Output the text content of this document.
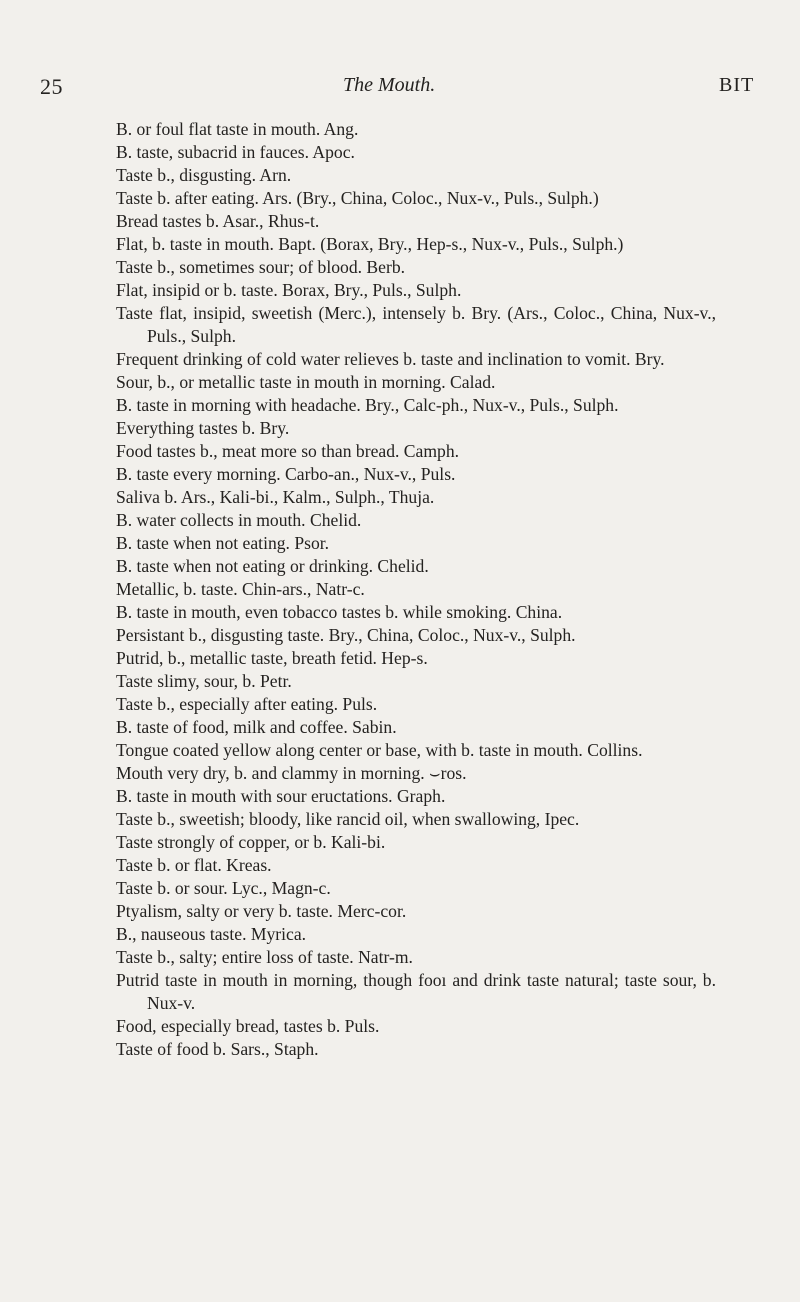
25	The Mouth.	BIT
B. or foul flat taste in mouth. Ang.
B. taste, subacrid in fauces. Apoc.
Taste b., disgusting. Arn.
Taste b. after eating. Ars. (Bry., China, Coloc., Nux-v., Puls., Sulph.)
Bread tastes b. Asar., Rhus-t.
Flat, b. taste in mouth. Bapt. (Borax, Bry., Hep-s., Nux-v., Puls., Sulph.)
Taste b., sometimes sour; of blood. Berb.
Flat, insipid or b. taste. Borax, Bry., Puls., Sulph.
Taste flat, insipid, sweetish (Merc.), intensely b. Bry. (Ars., Coloc., China, Nux-v., Puls., Sulph.
Frequent drinking of cold water relieves b. taste and inclination to vomit. Bry.
Sour, b., or metallic taste in mouth in morning. Calad.
B. taste in morning with headache. Bry., Calc-ph., Nux-v., Puls., Sulph.
Everything tastes b. Bry.
Food tastes b., meat more so than bread. Camph.
B. taste every morning. Carbo-an., Nux-v., Puls.
Saliva b. Ars., Kali-bi., Kalm., Sulph., Thuja.
B. water collects in mouth. Chelid.
B. taste when not eating. Psor.
B. taste when not eating or drinking. Chelid.
Metallic, b. taste. Chin-ars., Natr-c.
B. taste in mouth, even tobacco tastes b. while smoking. China.
Persistant b., disgusting taste. Bry., China, Coloc., Nux-v., Sulph.
Putrid, b., metallic taste, breath fetid. Hep-s.
Taste slimy, sour, b. Petr.
Taste b., especially after eating. Puls.
B. taste of food, milk and coffee. Sabin.
Tongue coated yellow along center or base, with b. taste in mouth. Collins.
Mouth very dry, b. and clammy in morning. ⌣ros.
B. taste in mouth with sour eructations. Graph.
Taste b., sweetish; bloody, like rancid oil, when swallowing, Ipec.
Taste strongly of copper, or b. Kali-bi.
Taste b. or flat. Kreas.
Taste b. or sour. Lyc., Magn-c.
Ptyalism, salty or very b. taste. Merc-cor.
B., nauseous taste. Myrica.
Taste b., salty; entire loss of taste. Natr-m.
Putrid taste in mouth in morning, though fooı and drink taste natural; taste sour, b. Nux-v.
Food, especially bread, tastes b. Puls.
Taste of food b. Sars., Staph.
